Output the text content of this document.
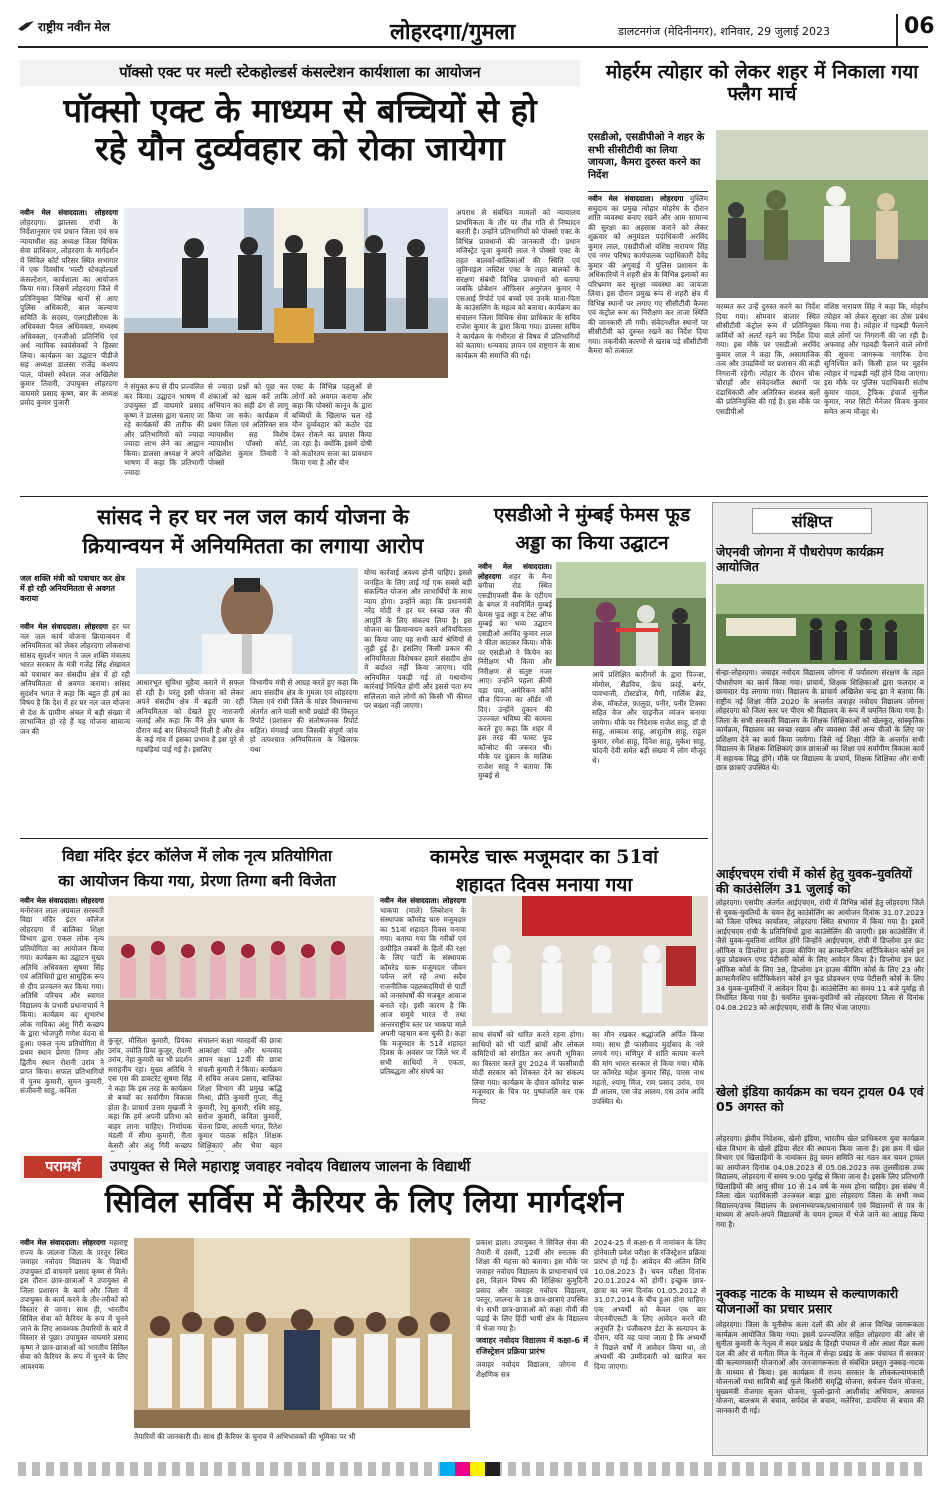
राष्ट्रीय नवीन मेल	लोहरदगा/गुमला	डालटनगंज (मेदिनीनगर), शनिवार, 29 जुलाई 2023	06
पॉक्सो एक्ट पर मल्टी स्टेकहोल्डर्स कंसल्टेशन कार्यशाला का आयोजन
पॉक्सो एक्ट के माध्यम से बच्चियों से हो
रहे यौन दुर्व्यवहार को रोका जायेगा
नवीन मेल संवाददाता। लोहरदगा लोहरदगा। झालसा रांची के निर्देशानुसार एवं प्रधान जिला एवं सत्र न्यायाधीश सह अध्यक्ष जिला विधिक सेवा प्राधिकार, लोहरदगा के मार्गदर्शन में सिविल कोर्ट परिसर स्थित सभागार में एक दिवसीय 'मल्टी स्टेकहोल्डर्स कंसल्टेशन, कार्यशाला का आयोजन किया गया। जिसमें लोहरदगा जिले में प्रतिनियुक्त विभिन्न थानों से आए पुलिस अधिकारी, बाल कल्याण समिति के सदस्य, एलएडीसीएस के अधिवक्ता पैनल अधिवक्ता, मध्यस्थ अधिवक्ता, एनजीओ प्रतिनिधि एवं अर्ध न्यायिक स्वयंसेवकों ने हिस्सा लिया। कार्यक्रम का उद्घाटन पीडीजे सह अध्यक्ष डालसा राजेंद्र कश्यप पाल, पोक्सो स्पेशल जज अखिलेश कुमार तिवारी, उपायुक्त लोहरदगा वाघमारे प्रसाद कृष्ण, बार के अध्यक्ष प्रमोद कुमार पुजारी
ने संयुक्त रूप से दीप प्रज्वलित कर किया। उद्घाटन भाषण में उपायुक्त डॉ वाघमारे प्रसाद कृष्ण ने डालसा द्वारा चलाए जा रहे कार्यक्रमों की तारीफ की और प्रतिभागियों को ज्यादा ज्यादा लाभ लेने का आह्वान किया। डालसा अध्यक्ष ने अपने भाषण में कहा कि प्रतिभागी ज्यादा
से ज्यादा प्रश्नों को पूछ कर शंकाओं को खत्म करें ताकि अभियान का सही ढंग से लागू किया जा सके। कार्यक्रम में प्रथम जिला एवं अतिरिक्त सत्र न्यायाधीश सह विशेष न्यायाधीश पॉक्सो कोर्ट, अखिलेश कुमार तिवारी ने पोक्सो
एक्ट के विभिन्न पहलुओं से लोगों को अवगत कराया और कहा कि पोक्सो कानून के द्वारा बच्चियों के खिलाफ चल रहे यौन दुर्व्यवहार को कठोर दंड देकर रोकने का प्रयास किया जा रहा है। क्योंकि इसमें दोषी को कठोरतम सजा का प्रावधान किया गया है और यौन
अपराध से संबंधित मामलों को न्यायालय प्राथमिकता के तौर पर तीव्र गति से निष्पादन करती है। उन्होंने प्रतिभागियों को पोक्सो एक्ट के विभिन्न प्रावधानों की जानकारी दी। प्रधान मजिस्ट्रेट पूजा कुमारी लाल ने पोक्सो एक्ट के तहत बालकों-बालिकाओं की स्थिति एवं जुविनाइल जस्टिस एक्ट के तहत बालकों के संरक्षण संबंधी विभिन्न प्रावधानों को बताया जबकि प्रोबेशन ऑफिसर अनुरंजन कुमार ने एसआई रिपोर्ट एवं बच्चों एवं उनके माता-पिता के काउंसलिंग के महत्व को बताया। कार्यक्रम का संचालन जिला विधिक सेवा प्राधिकार के सचिव राजेश कुमार के द्वारा किया गया। डालसा सचिव ने कार्यक्रम के गंभीरता से विषय में प्रतिभागियों को बताया। धन्यवाद ज्ञापन एवं राष्ट्रगान के साथ कार्यक्रम की समाप्ति की गई।
मोहर्रम त्योहार को लेकर शहर में निकाला गया फ्लैग मार्च
एसडीओ, एसडीपीओ ने शहर के सभी सीसीटीवी का लिया जायजा, कैमरा दुरुस्त करने का निर्देश
नवीन मेल संवाददाता। लोहरदगा मुस्लिम समुदाय का प्रमुख त्योहार मोहर्रम के दौरान शांति व्यवस्था बनाए रखने और आम सामान्य की सुरक्षा का अहसास कराने को लेकर शुक्रवार को अनुमंडल पदाधिकारी अरविंद कुमार लाल, एसडीपीओ वशिष्ठ नारायण सिंह एवं नगर परिषद कार्यपालक पदाधिकारी देवेंद्र कुमार की अगुवाई में पुलिस प्रशासन के अधिकारियों ने शहरी क्षेत्र के विभिन्न इलाकों का परिभ्रमण कर सुरक्षा व्यवस्था का जायजा लिया। इस दौरान प्रमुख रूप से शहरी क्षेत्र में विभिन्न स्थानों पर लगाए गए सीसीटीवी कैमरा एवं कंट्रोल रूम का निरीक्षण कर ताजा स्थिति की जानकारी ली गयी। संवेदनशील स्थानों पर सीसीटीवी को दुरुस्त रखने का निर्देश दिया गया। तकनीकी कारणों से खराब पड़े सीसीटीवी कैमरा को तत्काल
मरम्मत कर उन्हें दुरुस्त करने का निर्देश दिया गया। सोमवार बाजार स्थित सीसीटीवी कंट्रोल रूम में प्रतिनियुक्त कर्मियों को अलर्ट रहने का निर्देश दिया गया। इस मौके पर एसडीओ अरविंद कुमार लाल ने कहा कि, असामाजिक तत्व और उपद्रवियों पर प्रशासन की कड़ी निगरानी रहेगी। त्योहार के दौरान चौक चौराहों और संवेदनशील स्थानों पर दंडाधिकारी और अतिरिक्त सशस्त्र बलों की प्रतिनियुक्ति की गई है। इस मौके पर एसडीपीओ
वशिष्ठ नारायण सिंह ने कहा कि, मोहर्रम त्योहार को लेकर सुरक्षा का ठोस प्रबंध किया गया है। त्योहार में गड़बड़ी फैलाने वाले लोगों पर निगरानी की जा रही है। अफवाह और गड़बड़ी फैलाने वाले लोगों की सूचना जागरूक नागरिक देना सुनिश्चित करें। किसी हाल पर मुहर्रम त्योहार में गड़बड़ी नहीं होने दिया जाएगा। इस मौके पर पुलिस पदाधिकारी संतोष कुमार यादव, ट्रैफिक इंचार्ज सुनील कुमार, नगर सिटी मैनेजर विजय कुमार समेत अन्य मौजूद थे।
सांसद ने हर घर नल जल कार्य योजना के
क्रियान्वयन में अनियमितता का लगाया आरोप
जल शक्ति मंत्री को पत्राचार कर क्षेत्र में हो रही अनियमितता से अवगत कराया
नवीन मेल संवाददाता। लोहरदगा हर घर नल जल कार्य योजना क्रियान्वयन में अनियमितता को लेकर लोहरदगा लोकसभा सांसद सुदर्शन भगत ने जल शक्ति मंत्रालय भारत सरकार के मंत्री गजेंद्र सिंह शेखावत को पत्राचार कर संसदीय क्षेत्र में हो रही अनियमितता से अवगत कराया। सांसद सुदर्शन भगत ने कहा कि बहुत ही हर्ष का विषय है कि देश में हर घर नल जल योजना से देश के ग्रामीण अंचल में बड़ी संख्या में लाभान्वित हो रहे हैं यह योजना सामान्य जन की
आधारभूत सुविधा मुहैया कराने में सफल हो रही है। परंतु इसी योजना को लेकर अपने संसदीय क्षेत्र में बढ़ती जा रही अनियमितता को देखते हुए नाराजगी जताई और कहा कि मैंने क्षेत्र भ्रमण के दौरान कई बार शिकायतें मिली है और क्षेत्र के कई गांव में इसका प्रभाव है इस पूरे से गड़बड़ियां पाई गई है। इसलिए
विभागीय मंत्री से आग्रह करते हुए कहा कि आप संसदीय क्षेत्र के गुमला एवं लोहरदगा जिला एवं रांची जिले के मांडर विधानसभा अंतर्गत आने वाली सभी प्रखंडों की विस्तृत रिपोर्ट (प्रशासन की संतोषजनक रिपोर्ट सहित) मंगवाई जाय जिसकी संपूर्ण जांच हो तत्पश्चात अनियमितता के खिलाफ यथा
योग्य कार्रवाई अवश्य होनी चाहिए। इससे जनहित के लिए लाई गई एक सबसे बड़ी संकल्पित योजना और लाभार्थियों के साथ न्याय होगा। उन्होंने कहा कि प्रधानमंत्री नरेंद्र मोदी ने हर घर स्वच्छ जल की आपूर्ति के लिए संकल्प लिया है। इस योजना का क्रियान्वयन करने अनियमितता का किया जाए यह सभी कार्य श्रेणियों से जुड़ी हुई है। इसलिए किसी प्रकार की अनियमितता विशेषकर हमारे संसदीय क्षेत्र में बर्दाश्त नहीं किया जाएगा। यदि अनियमित पकड़ी गई तो यथायोग्य कार्रवाई निश्चित होगी और इससे पता रुप सलिलता वाले लोगों को किसी भी कीमत पर बख्शा नहीं जाएगा।
एसडीओ ने मुंम्बई फेमस फूड अड्डा का किया उद्घाटन
नवीन मेल संवाददाता। लोहरदगा शहर के मैना बगीचा रोड स्थित एसडीएफसी बैंक के एटीएम के बगल में नवनिर्मित मुम्बई फेमस फूड अड्डा व टेस्ट ऑफ मुम्बई का भव्य उद्घाटन एसडीओ अरविंद कुमार लाल ने फीता काटकर किया। मौके पर एसडीओ ने किचेन का निरीक्षण भी किया और निरीक्षण से संतुष्ट नजर आए। उन्होंने पहला क्रीमी वड़ा पाव, अमेरिकन कॉर्न चीज पिज्जा का ऑर्डर भी दिए। उन्होंने दुकान की उज्ज्वल भविष्य की कामना करते हुए कहा कि शहर में इस तरह की फास्ट फूड कॉन्सेप्ट की जरूरत थी। मौके पर दुकान के मालिक राजेश साहू ने बताया कि मुम्बई से
आये प्रशिक्षित कारीगरों के द्वारा पिज्जा, मोमोस, सैंडविच, फ्रेंच फ्राई, बर्गर, पावभाजी, टोस्टडोज, मैगी, गार्लिक ब्रेड, शेक, मॉकटेल, फ़ालूदा, पनीर, पनीर टिक्का सहित वेज और चाइनीज व्यंजन बनाया जायेगा। मौके पर निदेशक राजेश साहू, डॉ दी साहू, आकाश साहू, आशुतोष साहू, राहुल कुमार, रमेश साहू, दिनेश साहू, मुकेश साहू, चांदनी देवी समेत बड़ी संख्या में लोग मौजूद थे।
संक्षिप्त
जेएनवी जोगना में पौधरोपण कार्यक्रम आयोजित
सेन्हा-लोहरदगा। जवाहर नवोदय विद्यालय जोगना में पर्यावरण संरक्षण के तहत पौधारोपण का कार्य किया गया। प्राचार्य, शिक्षक शिक्षिकाओं द्वारा फलदार व छायादार पेड़ लगाया गया। विद्यालय के प्राचार्य अखिलेश चन्द्र झा ने बताया कि राष्ट्रीय नई शिक्षा नीति 2020 के अन्तर्गत जवाहर नवोदय विद्यालय जोगना लोहरदगा को जिला स्तर पर पीएम श्री विद्यालय के रूप में चयनित किया गया है। जिला के सभी सरकारी विद्यालय के शिक्षक शिक्षिकाओं को खेलकूद, सांस्कृतिक कार्यक्रम, विद्यालय का स्वच्छ रखाव और व्यवस्था जैसे अन्य चीजों के लिए पर प्रशिक्षण देने का कार्य किया जायेगा। जिसे नई शिक्षा नीति के अन्तर्गत सभी विद्यालय के शिक्षक शिक्षिकाएं छात्र छात्राओं का शिक्षा एवं सर्वांगीण विकास कार्य में सहायक सिद्ध होंगे। मौके पर विद्यालय के प्रचार्य, शिक्षक शिक्षिका और सभी छात्र छात्राएं उपस्थित थे।
आईएचएम रांची में कोर्स हेतु युवक-युवतियों की काउंसेलिंग 31 जुलाई को
लोहरदगा। एसपीए अंतर्गत आईएचएम, रांची में विभिन्न कोर्स हेतु लोहरदगा जिले से युवक-युवतियों के चयन हेतु काउंसेलिंग का आयोजन दिनांक 31.07.2023 को जिला परिषद कार्यालय, लोहरदगा स्थित सभागार में किया गया है। इसमें आईएचएम रांची के प्रतिनिधियों द्वारा काउंसेलिंग की जाएगी। इस काउंसेलिंग में जैसे युवक-युवतियां शामिल होंगे जिन्होंने आईएचएम, रांची में डिप्लोमा इन फ्रंट ऑफिस व डिप्लोमा इन हाउस कीपिंग का क्राफ्टमैनशिप सर्टिफिकेशन कोर्स इन फूड प्रोडक्शन एण्ड पेटीसरी कोर्स के लिए आवेदन किया है। डिप्लोमा इन फ्रंट ऑफिस कोर्स के लिए 38, डिप्लोमा इन हाउस कीपिंग कोर्स के लिए 23 और क्राफ्टमैनशिप सर्टिफिकेशन कोर्स इन फूड प्रोडक्शन एण्ड पेटीसरी कोर्स के लिए 34 युवक-युवतियों ने आवेदन दिया है। काउंसेलिंग का समय 11 बजे पूर्वाह्न से निर्धारित किया गया है। चयनित युवक-युवतियों को लोहरदगा जिला से दिनांक 04.08.2023 को आईएचएम, रांची के लिए भेजा जाएगा।
खेलो इंडिया कार्यक्रम का चयन ट्रायल 04 एवं 05 अगस्त को
लोहरदगा। झेवीय निदेशक, खेलो इंडिया, भारतीय खेल प्राधिकरण युवा कार्यक्रम खेल विभाग के खेलो इंडिया सेंटर की स्थापना किया जाना है। इस क्रम में खेल विभाग एवं खिलाड़ियों के नामांकन हेतु चयन समिति का गठन कर चयन ट्रायल का आयोजन दिनांक 04.08.2023 से 05.08.2023 तक तुलसीदास उच्च विद्यालय, लोहरदगा में समय 9:00 पूर्वाह्न से किया जाना है। इसके लिए प्रतिभागी खिलाड़ियों की आयु सीमा 10 से 14 वर्ष के मध्य होना चाहिए। इस संबंध में जिला खेल पदाधिकारी उज्जवल बाड़ा द्वारा लोहरदगा जिला के सभी मध्य विद्यालय/उच्च विद्यालय के प्रधानाध्यापक/प्रधानाचार्य एवं विद्यालयों से पत्र के माध्यम से अपने-अपने विद्यालयों के चयन ट्रायल में भेजे जाने का आग्रह किया गया है।
नुक्कड़ नाटक के माध्यम से कल्याणकारी योजनाओं का प्रचार प्रसार
लोहरदगा। जिला के यूनीसेफ कला दलों की ओर से आज विभिन्न जागरूकता कार्यक्रम आयोजित किया गया। इसमें प्रज्ज्वलित सहित लोहरदगा की ओर से सुनीता कुमारी के नेतृत्व में सदर प्रखंड के हिरही पंचायत में और आशा मैडर कला दल की ओर से मनीता मिंज के नेतृत्व में सेन्हा प्रखंड के अरू पंचायत में सरकार की कल्याणकारी योजनाओं और जनजागरूकता से संबंधित प्रस्तुत नुक्कड़-नाटक के माध्यम से किया। इस कार्यक्रम में राज्य सरकार के लोककल्याणकारी योजनाओं यथा सावित्री बाई फुले किशोरी समृद्धि योजना, सर्वजन पेंशन योजना, मुख्यमंत्री रोजगार सृजन योजना, फूलो-झानो आशीर्वाद अभियान, अमानत योजना, बालश्रम से बचाव, सर्पदंश से बचाव, मलेरिया, डायरिया से बचाव की जानकारी दी गई।
विद्या मंदिर इंटर कॉलेज में लोक नृत्य प्रतियोगिता
का आयोजन किया गया, प्रेरणा तिग्गा बनी विजेता
नवीन मेल संवाददाता। लोहरदगा मनोरंजन लाल अग्रवाल सरस्वती विद्या मंदिर इंटर कॉलेज लोहरदगा में बालिका शिक्षा विभाग द्वारा एकल लोक नृत्य प्रतियोगिता का आयोजन किया गया। कार्यक्रम का उद्घाटन मुख्य अतिथि अधिवक्ता सुषमा सिंह एवं अतिथियों द्वारा सामूहिक रूप से दीप प्रज्वलन कर किया गया। अतिथि परिचय और स्वागत विद्यालय के प्रभारी प्रधानाचार्य ने किया। कार्यक्रम का शुभारंभ लोक गायिका अंशु गिरी कच्छप के द्वारा भोजपुरी गणेश वंदना से हुआ। एकल नृत्य प्रतियोगिता में प्रथम स्थान प्रेरणा तिग्गा और द्वितीय स्थान रोशनी उरांव ने प्राप्त किया। सफल प्रतिभागियों में पुनम कुमारी, सुमन कुमारी, संजीवनी साहु, कविता
कुजूर, मौसिता कुमारी, प्रियंका उरांव, ज्योति प्रिया कुजूर, रोशनी उरांव, नेहा कुमारी का भी प्रदर्शन सराहनीय रहा। मुख्य अतिथि ने एस एस की डाक्टरेट सुषमा सिंह ने कहा कि इस तरह के कार्यक्रम से बच्चों का सर्वांगीण विकास होता है। प्राचार्य उत्तम मुखर्जी ने कहा कि हमें अपनी प्रतिभा को बाहर लाना चाहिए। निर्णायक मंडली में सीमा कुमारी, रीता केसरी और अंशु गिरी कच्छप
संचालन कक्षा ग्यारहवीं की छात्रा आकांक्षा पांडे और धन्यवाद ज्ञापन कक्षा 12वीं की छात्रा संचली कुमारी ने किया। कार्यक्रम में सचिव अजय प्रसाद, बालिका शिक्षा विभाग की प्रमुख ऋद्धि मिश्रा, प्रीति कुमारी गुप्ता, नीतू कुमारी, रेणु कुमारी, रश्मि साहू, सरोज कुमारी, कविता कुमारी, चेतना प्रिया, आरती भगत, रितेश कुमार पाठक सहित शिक्षक शिक्षिकाएं और भैया बहन
कामरेड चारू मजूमदार का 51वां
शहादत दिवस मनाया गया
नवीन मेल संवाददाता। लोहरदगा भाकपा (माले) लिबरेशन के संस्थापक कॉमरेड चारु मजूमदार का 51वां शहादत दिवस मनाया गया। बताया गया कि गरीबों एवं उत्पीड़ित तबकों के हितों की रक्षा के लिए पार्टी के संस्थापक कॉमरेड चारू मजूमदार जीवन पर्यन्त लगे रहे तथा सदैव राजनीतिक पहलकदमियों से पार्टी को जनसंघर्षों की मजबूत आवाज बनाते रहे। इसी कारण है कि आज समूचे भारत रो तथा अन्तरराष्ट्रीय स्तर पर भाकपा माले अपनी पहचान बना चुकी है। कहा कि मजूमदार के 51वें शहादत दिवस के अवसर पर जिले भर में सभी साथियों ने एकता, प्रतिबद्धता और संघर्ष का
साथ संघर्षों को धारित करते रहना होगा। साथियों को भी पार्टी ब्रांचों और लोकल कमिटियों को संगठित कर अपनी भूमिका का विस्तार करते हुए 2024 में फासीवादी मोदी सरकार को शिकस्त देने का संकल्प लिया गया। कार्यक्रम के दौरान कॉमरेड चारू मजूमदार के चित्र पर पुष्पांजलि कर एक मिनट
का मौन रखकर श्रद्धांजलि अर्पित किया गया। साथ ही फासीवाद मुर्दाबाद के नारे लगाये गए। मणिपुर में शांति कायम करने की मांग भारत सरकार से किया गया। मौके पर कॉमरेड महेश कुमार सिंह, पारस नाथ महतो, श्यामू मिंज, राम प्रसाद उरांव, एम डी आलम, एस जेड आलम, एस उरांव आदि उपस्थित थे।
परामर्श	उपायुक्त से मिले महाराष्ट्र जवाहर नवोदय विद्यालय जालना के विद्यार्थी
सिविल सर्विस में कैरियर के लिए लिया मार्गदर्शन
नवीन मेल संवाददाता। लोहरदगा महाराष्ट्र राज्य के जालना जिला के परतूर स्थित जवाहर नवोदय विद्यालय के विद्यार्थी उपायुक्त डॉ वाघमारे प्रसाद कृष्ण से मिले। इस दौरान छात्र-छात्राओं ने उपायुक्त से जिला प्रशासन के कार्य और जिला में उपायुक्त के कार्य करने के तौर-तरीकों को विस्तार से जाना। साथ ही, भारतीय सिविल सेवा को कैरियर के रूप में चुनने जाने के लिए आवश्यक तैयारियों के बारे में विस्तार से पूछा। उपायुक्त वाघमारे प्रसाद कृष्ण ने छात्र-छात्राओं को भारतीय सिविल सेवा को कैरियर के रूप में चुनने के लिए आवश्यक
तैयारियों की जानकारी दी। साथ ही कैरियर के चुनाव में अभिभावकों की भूमिका पर भी
प्रकाश डाला। उपायुक्त ने सिविल सेवा की तैयारी में दसवीं, 12वीं और स्नातक की शिक्षा की महत्ता को बताया। इस मौके पर जवाहर नवोदय विद्यालय के प्राधानाचार्य एवं इस, विज्ञान विषय की शिक्षिका कुमुदिनी प्रसाद और जवाहर नवोदय विद्यालय, परतूर, जालना के 18 छात्र-छात्राएं उपस्थित थे। सभी छात्र-छात्राओं को कक्षा नौवीं की पढ़ाई के लिए हिंदी भाषी क्षेत्र के विद्यालय में भेजा गया है।
जवाहर नवोदय विद्यालय में कक्षा-6 में रजिस्ट्रेशन प्रक्रिया प्रारंभ
जवाहर नवोदय विद्यालय, जोगना में शैक्षणिक सत्र
2024-25 में कक्षा-6 में नामांकन के लिए होनेवाली प्रवेश परीक्षा के रजिस्ट्रेशन प्रक्रिया प्रारंभ हो गई है। आवेदन की अंतिम तिथि 10.08.2023 है। चयन परीक्षा दिनांक 20.01.2024 को होगी। इच्छुक छात्र-छात्रा का जन्म दिनांक 01.05.2012 से 31.07.2014 के बीच हुआ होना चाहिए। एक अभ्यर्थी को केवल एक बार जेएनवीएसटी के लिए आवेदन करने की अनुमति है। पंजीकरण डेटा के सत्यापन के दौरान, यदि यह पाया जाता है कि अभ्यर्थी ने पिछले वर्षों में आवेदन किया था, तो अभ्यर्थी की उम्मीदवारी को खारिज कर दिया जाएगा।
